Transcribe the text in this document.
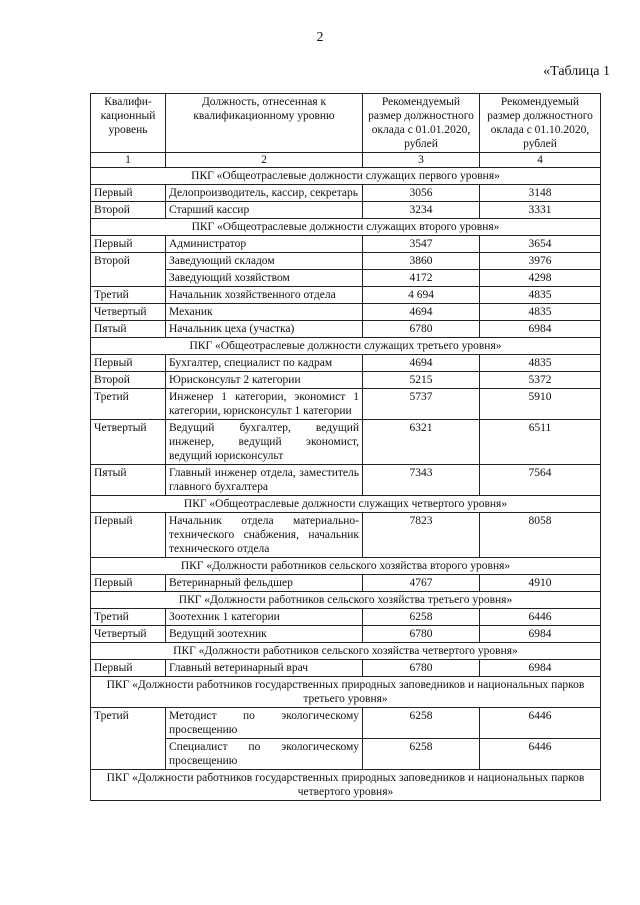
2
«Таблица 1
Квалифи-кационный уровень	Должность, отнесенная к квалификационному уровню	Рекомендуемый размер должностного оклада с 01.01.2020, рублей	Рекомендуемый размер должностного оклада с 01.10.2020, рублей
1	2	3	4
ПКГ «Общеотраслевые должности служащих первого уровня»			
Первый	Делопроизводитель, кассир, секретарь	3056	3148
Второй	Старший кассир	3234	3331
ПКГ «Общеотраслевые должности служащих второго уровня»			
Первый	Администратор	3547	3654
Второй	Заведующий складом	3860	3976
	Заведующий хозяйством	4172	4298
Третий	Начальник хозяйственного отдела	4 694	4835
Четвертый	Механик	4694	4835
Пятый	Начальник цеха (участка)	6780	6984
ПКГ «Общеотраслевые должности служащих третьего уровня»			
Первый	Бухгалтер, специалист по кадрам	4694	4835
Второй	Юрисконсульт 2 категории	5215	5372
Третий	Инженер 1 категории, экономист 1 категории, юрисконсульт 1 категории	5737	5910
Четвертый	Ведущий бухгалтер, ведущий инженер, ведущий экономист, ведущий юрисконсульт	6321	6511
Пятый	Главный инженер отдела, заместитель главного бухгалтера	7343	7564
ПКГ «Общеотраслевые должности служащих четвертого уровня»			
Первый	Начальник отдела материально-технического снабжения, начальник технического отдела	7823	8058
ПКГ «Должности работников сельского хозяйства второго уровня»			
Первый	Ветеринарный фельдшер	4767	4910
ПКГ «Должности работников сельского хозяйства третьего уровня»			
Третий	Зоотехник 1 категории	6258	6446
Четвертый	Ведущий зоотехник	6780	6984
ПКГ «Должности работников сельского хозяйства четвертого уровня»			
Первый	Главный ветеринарный врач	6780	6984
ПКГ «Должности работников государственных природных заповедников и национальных парков третьего уровня»			
Третий	Методист по экологическому просвещению	6258	6446
	Специалист по экологическому просвещению	6258	6446
ПКГ «Должности работников государственных природных заповедников и национальных парков четвертого уровня»			
